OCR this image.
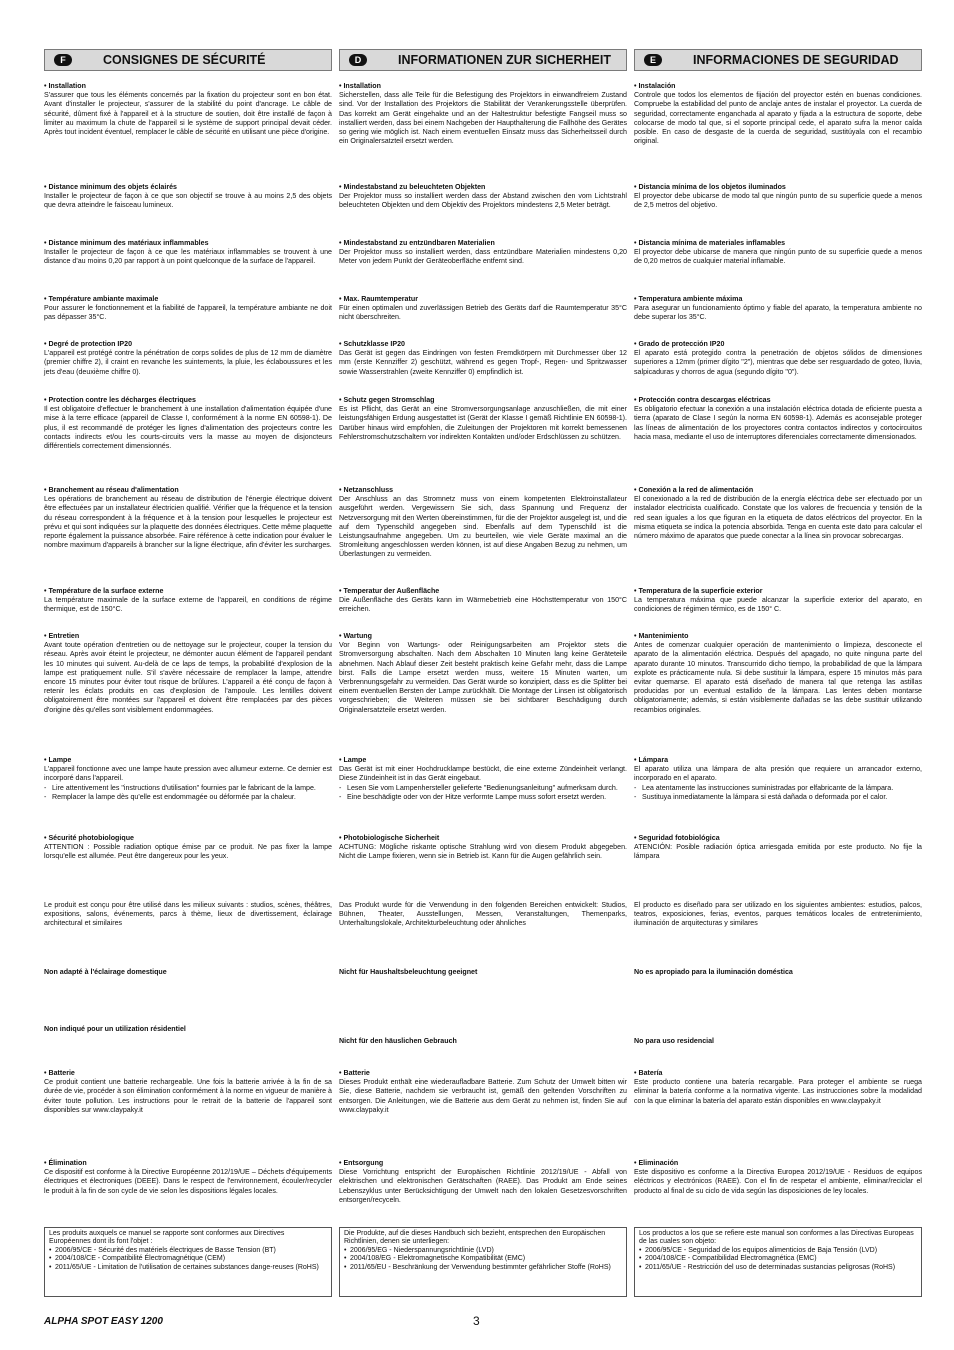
F	CONSIGNES DE SÉCURITÉ
• Installation

S'assurer que tous les éléments concernés par la fixation du projecteur sont en bon état. Avant d'installer le projecteur, s'assurer de la stabilité du point d'ancrage. Le câble de sécurité, dûment fixé à l'appareil et à la structure de soutien, doit être installé de façon à limiter au maximum la chute de l'appareil si le système de support principal devait céder. Après tout incident éventuel, remplacer le câble de sécurité en utilisant une pièce d'origine.

• Distance minimum des objets éclairés

Installer le projecteur de façon à ce que son objectif se trouve à au moins 2,5 des objets que devra atteindre le faisceau lumineux.

• Distance minimum des matériaux inflammables

Installer le projecteur de façon à ce que les matériaux inflammables se trouvent à une distance d'au moins 0,20 par rapport à un point quelconque de la surface de l'appareil.

• Température ambiante maximale

Pour assurer le fonctionnement et la fiabilité de l'appareil, la température ambiante ne doit pas dépasser 35°C.

• Degré de protection IP20

L'appareil est protégé contre la pénétration de corps solides de plus de 12 mm de diamètre (premier chiffre 2), il craint en revanche les suintements, la pluie, les éclaboussures et les jets d'eau (deuxième chiffre 0).

• Protection contre les décharges électriques

Il est obligatoire d'effectuer le branchement à une installation d'alimentation équipée d'une mise à la terre efficace (appareil de Classe I, conformément à la norme EN 60598-1). De plus, il est recommandé de protéger les lignes d'alimentation des projecteurs contre les contacts indirects et/ou les courts-circuits vers la masse au moyen de disjoncteurs différentiels correctement dimensionnés.

• Branchement au réseau d'alimentation

Les opérations de branchement au réseau de distribution de l'énergie électrique doivent être effectuées par un installateur électricien qualifié. Vérifier que la fréquence et la tension du réseau correspondent à la fréquence et à la tension pour lesquelles le projecteur est prévu et qui sont indiquées sur la plaquette des données électriques. Cette même plaquette reporte également la puissance absorbée. Faire référence à cette indication pour évaluer le nombre maximum d'appareils à brancher sur la ligne électrique, afin d'éviter les surcharges.

• Température de la surface externe

La température maximale de la surface externe de l'appareil, en conditions de régime thermique, est de 150°C.

• Entretien

Avant toute opération d'entretien ou de nettoyage sur le projecteur, couper la tension du réseau. Après avoir éteint le projecteur, ne démonter aucun élément de l'appareil pendant les 10 minutes qui suivent. Au-delà de ce laps de temps, la probabilité d'explosion de la lampe est pratiquement nulle. S'il s'avère nécessaire de remplacer la lampe, attendre encore 15 minutes pour éviter tout risque de brûlures. L'appareil a été conçu de façon à retenir les éclats produits en cas d'explosion de l'ampoule. Les lentilles doivent obligatoirement être montées sur l'appareil et doivent être remplacées par des pièces d'origine dès qu'elles sont visiblement endommagées.

• Lampe

L'appareil fonctionne avec une lampe haute pression avec allumeur externe. Ce dernier est incorporé dans l'appareil.

- Lire attentivement les "instructions d'utilisation" fournies par le fabricant de la lampe.
- Remplacer la lampe dès qu'elle est endommagée ou déformée par la chaleur.
• Sécurité photobiologique

ATTENTION : Possible radiation optique émise par ce produit. Ne pas fixer la lampe lorsqu'elle est allumée. Peut être dangereux pour les yeux.

Le produit est conçu pour être utilisé dans les milieux suivants : studios, scènes, théâtres, expositions, salons, événements, parcs à thème, lieux de divertissement, éclairage architectural et similaires

• Batterie

Ce produit contient une batterie rechargeable. Une fois la batterie arrivée à la fin de sa durée de vie, procéder à son élimination conformément à la norme en vigueur de manière à éviter toute pollution. Les instructions pour le retrait de la batterie de l'appareil sont disponibles sur www.claypaky.it

• Élimination

Ce dispositif est conforme à la Directive Européenne 2012/19/UE – Déchets d'équipements électriques et électroniques (DEEE). Dans le respect de l'environnement, écouler/recycler le produit à la fin de son cycle de vie selon les dispositions légales locales.

Non adapté à l'éclairage domestique
Non indiqué pour un utilization résidentiel
Les produits auxquels ce manuel se rapporte sont conformes aux Directives Européennes dont ils font l'objet :
• 2006/95/CE - Sécurité des matériels électriques de Basse Tension (BT)
• 2004/108/CE - Compatibilité Électromagnétique (CEM)
• 2011/65/UE - Limitation de l'utilisation de certaines substances dange-reuses (RoHS)
D	INFORMATIONEN ZUR SICHERHEIT
• Installation

Sicherstellen, dass alle Teile für die Befestigung des Projektors in einwandfreiem Zustand sind. Vor der Installation des Projektors die Stabilität der Verankerungsstelle überprüfen. Das korrekt am Gerät eingehakte und an der Haltestruktur befestigte Fangseil muss so installiert werden, dass bei einem Nachgeben der Haupthalterung die Fallhöhe des Gerätes so gering wie möglich ist. Nach einem eventuellen Einsatz muss das Sicherheitsseil durch ein Originalersatzteil ersetzt werden.

• Mindestabstand zu beleuchteten Objekten

Der Projektor muss so installiert werden dass der Abstand zwischen den vom Lichtstrahl beleuchteten Objekten und dem Objektiv des Projektors mindestens 2,5 Meter beträgt.

• Mindestabstand zu entzündbaren Materialien

Der Projektor muss so installiert werden, dass entzündbare Materialien mindestens 0,20 Meter von jedem Punkt der Geräteoberfläche entfernt sind.

• Max. Raumtemperatur

Für einen optimalen und zuverlässigen Betrieb des Geräts darf die Raumtemperatur 35°C nicht überschreiten.

• Schutzklasse IP20

Das Gerät ist gegen das Eindringen von festen Fremdkörpern mit Durchmesser über 12 mm (erste Kennziffer 2) geschützt, während es gegen Tropf-, Regen- und Spritzwasser sowie Wasserstrahlen (zweite Kennziffer 0) empfindlich ist.

• Schutz gegen Stromschlag

Es ist Pflicht, das Gerät an eine Stromversorgungsanlage anzuschließen, die mit einer leistungsfähigen Erdung ausgestattet ist (Gerät der Klasse I gemäß Richtlinie EN 60598-1). Darüber hinaus wird empfohlen, die Zuleitungen der Projektoren mit korrekt bemessenen Fehlerstromschutzschaltern vor indirekten Kontakten und/oder Erdschlüssen zu schützen.

• Netzanschluss

Der Anschluss an das Stromnetz muss von einem kompetenten Elektroinstallateur ausgeführt werden. Vergewissern Sie sich, dass Spannung und Frequenz der Netzversorgung mit den Werten übereinstimmen, für die der Projektor ausgelegt ist, und die auf dem Typenschild angegeben sind. Ebenfalls auf dem Typenschild ist die Leistungsaufnahme angegeben. Um zu beurteilen, wie viele Geräte maximal an die Stromleitung angeschlossen werden können, ist auf diese Angaben Bezug zu nehmen, um Überlastungen zu vermeiden.

• Temperatur der Außenfläche

Die Außenfläche des Geräts kann im Wärmebetrieb eine Höchsttemperatur von 150°C erreichen.

• Wartung

Vor Beginn von Wartungs- oder Reinigungsarbeiten am Projektor stets die Stromversorgung abschalten. Nach dem Abschalten 10 Minuten lang keine Geräteteile abnehmen. Nach Ablauf dieser Zeit besteht praktisch keine Gefahr mehr, dass die Lampe birst. Falls die Lampe ersetzt werden muss, weitere 15 Minuten warten, um Verbrennungsgefahr zu vermeiden. Das Gerät wurde so konzipiert, dass es die Splitter bei einem eventuellen Bersten der Lampe zurückhält. Die Montage der Linsen ist obligatorisch vorgeschrieben; die Weiteren müssen sie bei sichtbarer Beschädigung durch Originalersatzteile ersetzt werden.

• Lampe

Das Gerät ist mit einer Hochdrucklampe bestückt, die eine externe Zündeinheit verlangt. Diese Zündeinheit ist in das Gerät eingebaut.

- Lesen Sie vom Lampenhersteller gelieferte "Bedienungsanleitung" aufmerksam durch.
- Eine beschädigte oder von der Hitze verformte Lampe muss sofort ersetzt werden.
• Photobiologische Sicherheit

ACHTUNG: Mögliche riskante optische Strahlung wird von diesem Produkt abgegeben. Nicht die Lampe fixieren, wenn sie in Betrieb ist. Kann für die Augen gefährlich sein.

Das Produkt wurde für die Verwendung in den folgenden Bereichen entwickelt: Studios, Bühnen, Theater, Ausstellungen, Messen, Veranstaltungen, Themenparks, Unterhaltungslokale, Architekturbeleuchtung oder ähnliches

• Batterie

Dieses Produkt enthält eine wiederaufladbare Batterie. Zum Schutz der Umwelt bitten wir Sie, diese Batterie, nachdem sie verbraucht ist, gemäß den geltenden Vorschriften zu entsorgen. Die Anleitungen, wie die Batterie aus dem Gerät zu nehmen ist, finden Sie auf www.claypaky.it

• Entsorgung

Diese Vorrichtung entspricht der Europäischen Richtlinie 2012/19/UE - Abfall von elektrischen und elektronischen Gerätschaften (RAEE). Das Produkt am Ende seines Lebenszyklus unter Berücksichtigung der Umwelt nach den lokalen Gesetzesvorschriften entsorgen/recyceln.

Nicht für Haushaltsbeleuchtung geeignet
Nicht für den häuslichen Gebrauch
Die Produkte, auf die dieses Handbuch sich bezieht, entsprechen den Europäischen Richtlinien, denen sie unterliegen:
• 2006/95/EG - Niederspannungsrichtlinie (LVD)
• 2004/108/EG - Elektromagnetische Kompatibilität (EMC)
• 2011/65/EU - Beschränkung der Verwendung bestimmter gefährlicher Stoffe (RoHS)
E	INFORMACIONES DE SEGURIDAD
• Instalación

Controle que todos los elementos de fijación del proyector estén en buenas condiciones. Compruebe la estabilidad del punto de anclaje antes de instalar el proyector. La cuerda de seguridad, correctamente enganchada al aparato y fijada a la estructura de soporte, debe colocarse de modo tal que, si el soporte principal cede, el aparato sufra la menor caída posible. En caso de desgaste de la cuerda de seguridad, sustitúyala con el recambio original.

• Distancia mínima de los objetos iluminados

El proyector debe ubicarse de modo tal que ningún punto de su superficie quede a menos de 2,5 metros del objetivo.

• Distancia mínima de materiales inflamables

El proyector debe ubicarse de manera que ningún punto de su superficie quede a menos de 0,20 metros de cualquier material inflamable.

• Temperatura ambiente máxima

Para asegurar un funcionamiento óptimo y fiable del aparato, la temperatura ambiente no debe superar los 35°C.

• Grado de protección IP20

El aparato está protegido contra la penetración de objetos sólidos de dimensiones superiores a 12mm (primer dígito "2"), mientras que debe ser resguardado de goteo, lluvia, salpicaduras y chorros de agua (segundo dígito "0").

• Protección contra descargas eléctricas

Es obligatorio efectuar la conexión a una instalación eléctrica dotada de eficiente puesta a tierra (aparato de Clase I según la norma EN 60598-1). Además es aconsejable proteger las líneas de alimentación de los proyectores contra contactos indirectos y cortocircuitos hacia masa, mediante el uso de interruptores diferenciales correctamente dimensionados.

• Conexión a la red de alimentación

El conexionado a la red de distribución de la energía eléctrica debe ser efectuado por un instalador electricista cualificado. Constate que los valores de frecuencia y tensión de la red sean iguales a los que figuran en la etiqueta de datos eléctricos del proyector. En la misma etiqueta se indica la potencia absorbida. Tenga en cuenta este dato para calcular el número máximo de aparatos que puede conectar a la línea sin provocar sobrecargas.

• Temperatura de la superficie exterior

La temperatura máxima que puede alcanzar la superficie exterior del aparato, en condiciones de régimen térmico, es de 150° C.

• Mantenimiento

Antes de comenzar cualquier operación de mantenimiento o limpieza, desconecte el aparato de la alimentación eléctrica. Después del apagado, no quite ninguna parte del aparato durante 10 minutos. Transcurrido dicho tiempo, la probabilidad de que la lámpara explote es prácticamente nula. Si debe sustituir la lámpara, espere 15 minutos más para evitar quemarse. El aparato está diseñado de manera tal que retenga las astillas producidas por un eventual estallido de la lámpara. Las lentes deben montarse obligatoriamente; además, si están visiblemente dañadas se las debe sustituir utilizando recambios originales.

• Lámpara

El aparato utiliza una lámpara de alta presión que requiere un arrancador externo, incorporado en el aparato.

- Lea atentamente las instrucciones suministradas por elfabricante de la lámpara.
- Sustituya inmediatamente la lámpara si está dañada o deformada por el calor.
• Seguridad fotobiológica

ATENCIÓN: Posible radiación óptica arriesgada emitida por este producto. No fije la lámpara

El producto es diseñado para ser utilizado en los siguientes ambientes: estudios, palcos, teatros, exposiciones, ferias, eventos, parques temáticos locales de entretenimiento, iluminación de arquitecturas y similares

• Batería

Este producto contiene una batería recargable. Para proteger el ambiente se ruega eliminar la batería conforme a la normativa vigente. Las instrucciones sobre la modalidad con la que eliminar la batería del aparato están disponibles en www.claypaky.it

• Eliminación

Este dispositivo es conforme a la Directiva Europea 2012/19/UE - Residuos de equipos eléctricos y electrónicos (RAEE). Con el fin de respetar el ambiente, eliminar/reciclar el producto al final de su ciclo de vida según las disposiciones de ley locales.

No es apropiado para la iluminación doméstica
No para uso residencial
Los productos a los que se refiere este manual son conformes a las Directivas Europeas de las cuales son objeto:
• 2006/95/CE - Seguridad de los equipos alimenticios de Baja Tensión (LVD)
• 2004/108/CE - Compatibilidad Electromagnética (EMC)
• 2011/65/UE - Restricción del uso de determinadas sustancias peligrosas (RoHS)
ALPHA SPOT EASY 1200	3
